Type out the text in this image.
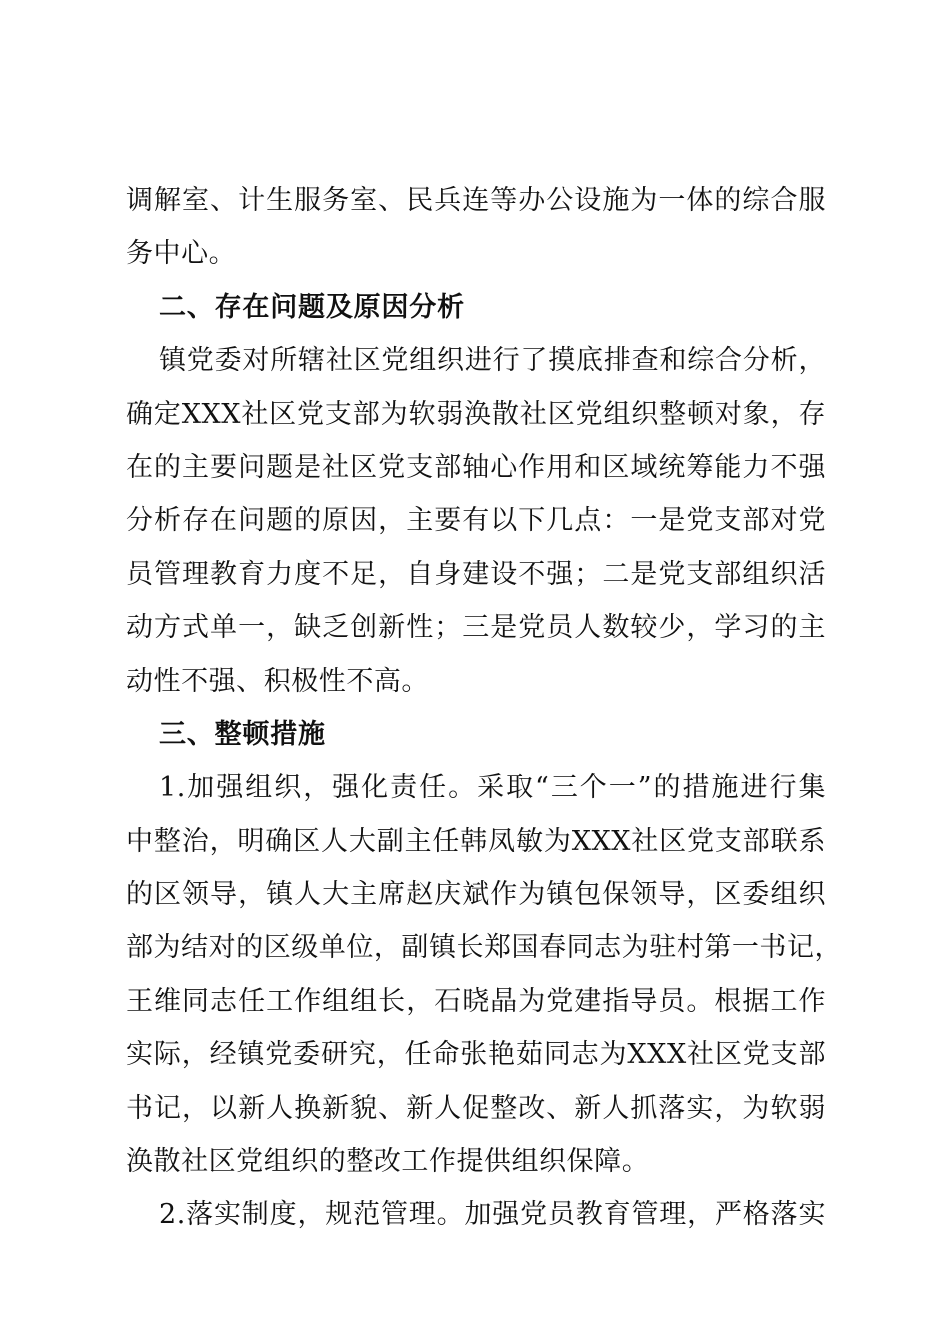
调解室、计生服务室、民兵连等办公设施为一体的综合服
务中心。
二、存在问题及原因分析
镇党委对所辖社区党组织进行了摸底排查和综合分析，
确定XXX社区党支部为软弱涣散社区党组织整顿对象，存
在的主要问题是社区党支部轴心作用和区域统筹能力不强
分析存在问题的原因，主要有以下几点：一是党支部对党
员管理教育力度不足，自身建设不强；二是党支部组织活
动方式单一，缺乏创新性；三是党员人数较少，学习的主
动性不强、积极性不高。
三、整顿措施
1.加强组织，强化责任。采取“三个一”的措施进行集
中整治，明确区人大副主任韩凤敏为XXX社区党支部联系
的区领导，镇人大主席赵庆斌作为镇包保领导，区委组织
部为结对的区级单位，副镇长郑国春同志为驻村第一书记，
王维同志任工作组组长，石晓晶为党建指导员。根据工作
实际，经镇党委研究，任命张艳茹同志为XXX社区党支部
书记，以新人换新貌、新人促整改、新人抓落实，为软弱
涣散社区党组织的整改工作提供组织保障。
2.落实制度，规范管理。加强党员教育管理，严格落实
